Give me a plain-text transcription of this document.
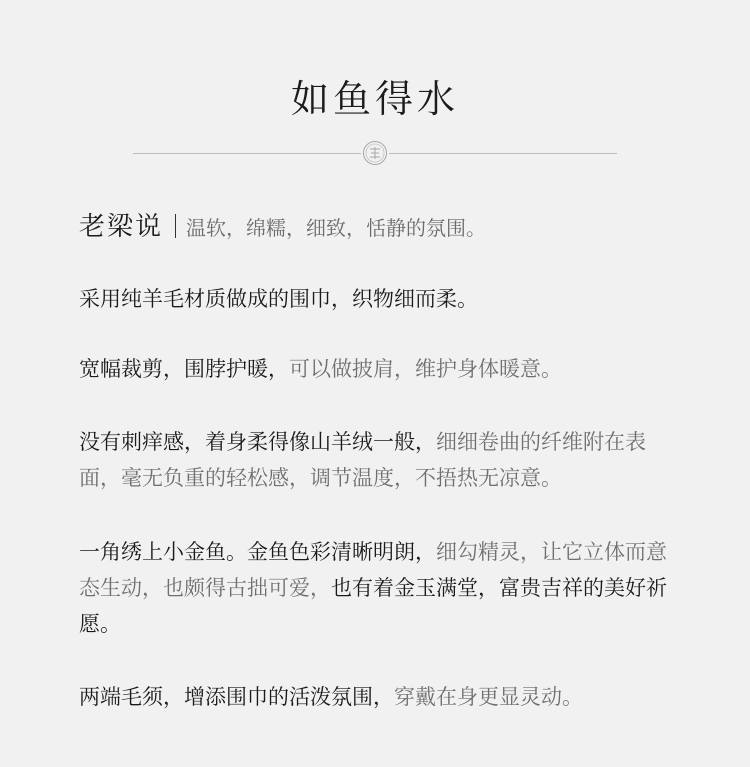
如鱼得水
老梁说 温软，绵糯，细致，恬静的氛围。
采用纯羊毛材质做成的围巾，织物细而柔。
宽幅裁剪，围脖护暖，可以做披肩，维护身体暖意。
没有刺痒感，着身柔得像山羊绒一般，细细卷曲的纤维附在表面，毫无负重的轻松感，调节温度，不捂热无凉意。
一角绣上小金鱼。金鱼色彩清晰明朗，细勾精灵，让它立体而意态生动，也颇得古拙可爱，也有着金玉满堂，富贵吉祥的美好祈愿。
两端毛须，增添围巾的活泼氛围，穿戴在身更显灵动。
